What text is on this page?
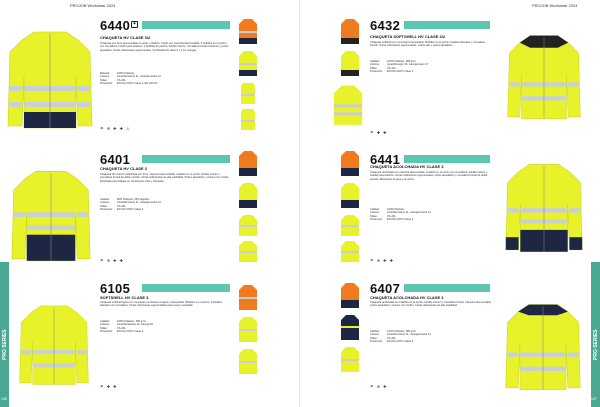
PROJOB Workwear 2024
6440 ✦
CHAQUETA HV CLASE 3/2
Chaqueta con forro desmontable en polar y chaleco. Cuello con capucha desmontable, 2 bolsillos en el pecho con cremallera, bolsillo para teléfono, 2 bolsillos de parche, bolsillo interior, cremallera frontal resistente y puños ajustables. Cintas reflectantes segmentadas. Certificada HV clase 3 y 2 sin mangas.
Material:	100% Poliéster
Colores:	Amarillo/marino 11, naranja/marino 12
Tallas:	XS-4XL
Protección:	EN ISO 20471 Clase 3, EN 343 3/1
☂ ❄ ✚ ✚ ⚠
6401
CHAQUETA HV CLASE 3
Chaqueta de invierno acolchada con forro, capucha desmontable, bolsillos en el pecho, bolsillo interior y cremallera frontal de doble sentido. Cintas reflectantes de alta visibilidad. Puños ajustables y cintura con cordón. Diseñada para trabajar en condiciones frías y húmedas.
Calidad:	80% Poliéster, 20% algodón
Colores:	Amarillo/marino 11, naranja/marino 12
Tallas:	XS-4XL
Protección:	EN ISO 20471 Clase 3
☂ ❄ ✚ ✚
6105
SOFTSHELL HV CLASE 3
Chaqueta softshell ligera con membrana resistente al agua y transpirable. Bolsillos en el pecho, 2 bolsillos laterales con cremallera. Cintas reflectantes segmentadas para mayor movilidad.
Calidad:	100% Poliéster, 280 g/m²
Colores:	Amarillo/naranja 10, naranja 20
Tallas:	XS-4XL
Protección:	EN ISO 20471 Clase 3
☂ ✚ ✚
PRO SERIES
106
PROJOB Workwear 2024
6432
CHAQUETA SOFTSHELL HV CLASE 3/2
Chaqueta softshell con membrana transpirable. Bolsillos en el pecho, bolsillos laterales y cremallera frontal. Cintas reflectantes segmentadas. Cuello alto y puños ajustables.
Calidad:	100% Poliéster, 280 g/m²
Colores:	Amarillo/negro 16, naranja/negro 17
Tallas:	XS-4XL
Protección:	EN ISO 20471 Clase 3
☂ ✚ ✚
6441
CHAQUETA ACOLCHADA HV CLASE 3
Chaqueta acolchada con capucha desmontable, bolsillos en el pecho con cremallera, bolsillo interior y bolsillo para teléfono. Cintas reflectantes segmentadas, puños ajustables y cremallera frontal de doble sentido. Resistente al agua y al viento.
Calidad:	100% Poliéster
Colores:	Amarillo/marino 11, naranja/marino 12
Tallas:	XS-4XL
Protección:	EN ISO 20471 Clase 3
☂ ❄ ✚ ✚
6407
CHAQUETA ACOLCHADA HV CLASE 3
Chaqueta acolchada con bolsillos en el pecho, bolsillo interior y cremallera frontal. Capucha desmontable, puños ajustables y cintura con cordón. Cintas reflectantes de alta visibilidad.
Calidad:	100% Poliéster, 280 g/m²
Colores:	Amarillo/marino 11, naranja/marino 12
Tallas:	XS-4XL
Protección:	EN ISO 20471 Clase 3
☂ ❄ ✚
PRO SERIES
107
